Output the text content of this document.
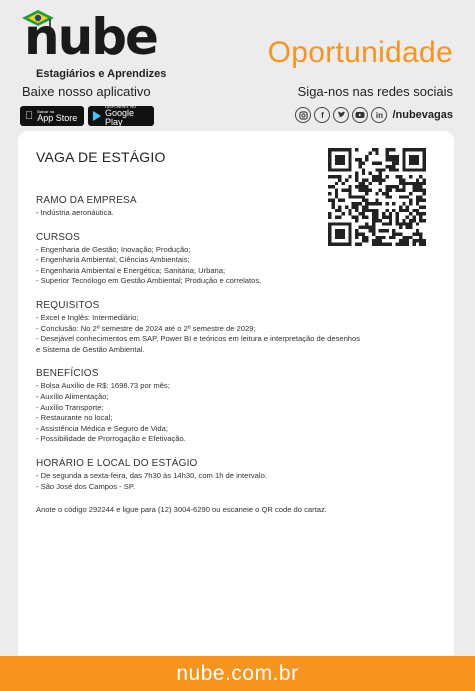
nube
Estagiários e Aprendizes
Baixe nosso aplicativo
Baixar na
App Store
DISPONÍVEL NO
Google Play
Oportunidade
Siga-nos nas redes sociais
f	in /nubevagas
VAGA DE ESTÁGIO
RAMO DA EMPRESA
- Indústria aeronáutica.
CURSOS
- Engenharia de Gestão; Inovação; Produção;
- Engenharia Ambiental; Ciências Ambientais;
- Engenharia Ambiental e Energética; Sanitária; Urbana;
- Superior Tecnólogo em Gestão Ambiental; Produção e correlatos.
REQUISITOS
- Excel e Inglês: Intermediário;
- Conclusão: No 2º semestre de 2024 até o 2º semestre de 2029;
- Desejável conhecimentos em SAP, Power BI e teóricos em leitura e interpretação de desenhos
e Sistema de Gestão Ambiental.
BENEFÍCIOS
- Bolsa Auxílio de R$: 1698.73 por mês;
- Auxílio Alimentação;
- Auxílio Transporte;
- Restaurante no local;
- Assistência Médica e Seguro de Vida;
- Possibilidade de Prorrogação e Efetivação.
HORÁRIO E LOCAL DO ESTÁGIO
- De segunda a sexta-feira, das 7h30 às 14h30, com 1h de intervalo.
- São José dos Campos - SP.
Anote o código 292244 e ligue para (12) 3004-6290 ou escaneie o QR code do cartaz.
nube.com.br
